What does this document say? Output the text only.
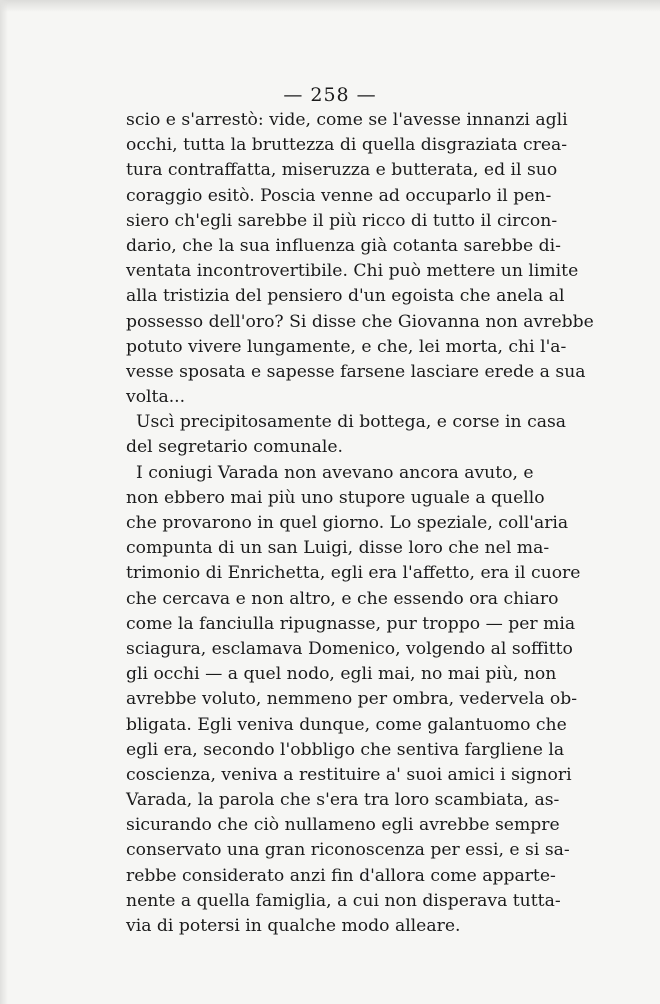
— 258 —
scio e s'arrestò: vide, come se l'avesse innanzi agli
occhi, tutta la bruttezza di quella disgraziata crea-
tura contraffatta, miseruzza e butterata, ed il suo
coraggio esitò. Poscia venne ad occuparlo il pen-
siero ch'egli sarebbe il più ricco di tutto il circon-
dario, che la sua influenza già cotanta sarebbe di-
ventata incontrovertibile. Chi può mettere un limite
alla tristizia del pensiero d'un egoista che anela al
possesso dell'oro? Si disse che Giovanna non avrebbe
potuto vivere lungamente, e che, lei morta, chi l'a-
vesse sposata e sapesse farsene lasciare erede a sua
volta...
Uscì precipitosamente di bottega, e corse in casa
del segretario comunale.
I coniugi Varada non avevano ancora avuto, e
non ebbero mai più uno stupore uguale a quello
che provarono in quel giorno. Lo speziale, coll'aria
compunta di un san Luigi, disse loro che nel ma-
trimonio di Enrichetta, egli era l'affetto, era il cuore
che cercava e non altro, e che essendo ora chiaro
come la fanciulla ripugnasse, pur troppo — per mia
sciagura, esclamava Domenico, volgendo al soffitto
gli occhi — a quel nodo, egli mai, no mai più, non
avrebbe voluto, nemmeno per ombra, vedervela ob-
bligata. Egli veniva dunque, come galantuomo che
egli era, secondo l'obbligo che sentiva fargliene la
coscienza, veniva a restituire a' suoi amici i signori
Varada, la parola che s'era tra loro scambiata, as-
sicurando che ciò nullameno egli avrebbe sempre
conservato una gran riconoscenza per essi, e si sa-
rebbe considerato anzi fin d'allora come apparte-
nente a quella famiglia, a cui non disperava tutta-
via di potersi in qualche modo alleare.
